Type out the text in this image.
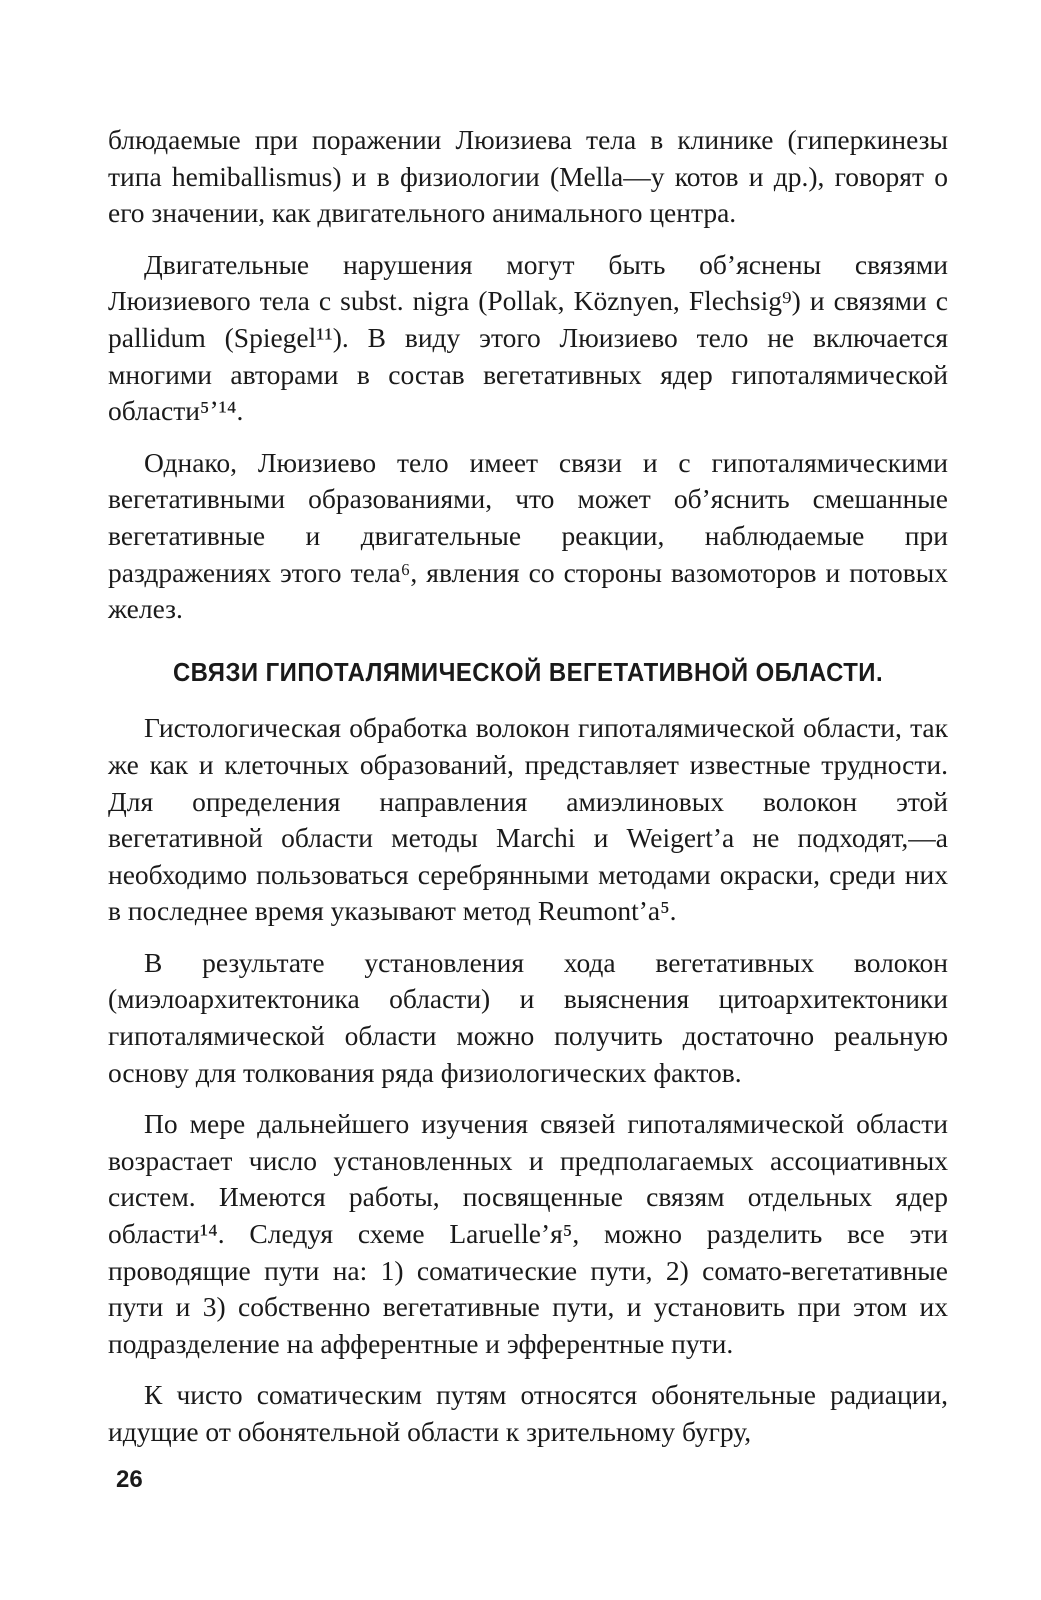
блюдаемые при поражении Люизиева тела в клинике (гиперкинезы типа hemiballismus) и в физиологии (Mella—у котов и др.), говорят о его значении, как двигательного анимального центра.

Двигательные нарушения могут быть об’яснены связями Люизиевого тела с subst. nigra (Pollak, Köznyen, Flechsig⁹) и связями с pallidum (Spiegel¹¹). В виду этого Люизиево тело не включается многими авторами в состав вегетативных ядер гипоталямической области⁵ʼ¹⁴.

Однако, Люизиево тело имеет связи и с гипоталямическими вегетативными образованиями, что может об’яснить смешанные вегетативные и двигательные реакции, наблюдаемые при раздражениях этого тела⁶, явления со стороны вазомоторов и потовых желез.

СВЯЗИ ГИПОТАЛЯМИЧЕСКОЙ ВЕГЕТАТИВНОЙ ОБЛАСТИ.

Гистологическая обработка волокон гипоталямической области, так же как и клеточных образований, представляет известные трудности. Для определения направления амиэлиновых волокон этой вегетативной области методы Marchi и Weigert’a не подходят,—а необходимо пользоваться серебрянными методами окраски, среди них в последнее время указывают метод Reumont’a⁵.

В результате установления хода вегетативных волокон (миэлоархитектоника области) и выяснения цитоархитектоники гипоталямической области можно получить достаточно реальную основу для толкования ряда физиологических фактов.

По мере дальнейшего изучения связей гипоталямической области возрастает число установленных и предполагаемых ассоциативных систем. Имеются работы, посвященные связям отдельных ядер области¹⁴. Следуя схеме Laruelle’я⁵, можно разделить все эти проводящие пути на: 1) соматические пути, 2) сомато-вегетативные пути и 3) собственно вегетативные пути, и установить при этом их подразделение на афферентные и эфферентные пути.

К чисто соматическим путям относятся обонятельные радиации, идущие от обонятельной области к зрительному бугру,

26
